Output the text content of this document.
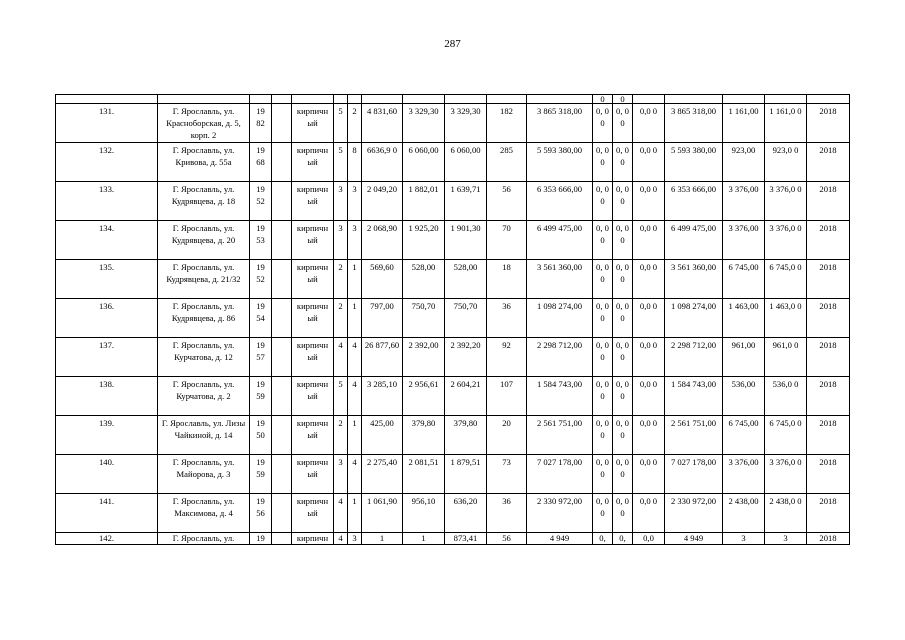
287
												0	0					
131.	Г. Ярославль, ул. Красноборская, д. 5, корп. 2	19 82		кирпичн ый	5	2	4 831,60	3 329,30	3 329,30	182	3 865 318,00	0, 0 0	0, 0 0	0,0 0	3 865 318,00	1 161,00	1 161,0 0	2018
132.	Г. Ярославль, ул. Кривова, д. 55а	19 68		кирпичн ый	5	8	6636,9 0	6 060,00	6 060,00	285	5 593 380,00	0, 0 0	0, 0 0	0,0 0	5 593 380,00	923,00	923,0 0	2018
133.	Г. Ярославль, ул. Кудрявцева, д. 18	19 52		кирпичн ый	3	3	2 049,20	1 882,01	1 639,71	56	6 353 666,00	0, 0 0	0, 0 0	0,0 0	6 353 666,00	3 376,00	3 376,0 0	2018
134.	Г. Ярославль, ул. Кудрявцева, д. 20	19 53		кирпичн ый	3	3	2 068,90	1 925,20	1 901,30	70	6 499 475,00	0, 0 0	0, 0 0	0,0 0	6 499 475,00	3 376,00	3 376,0 0	2018
135.	Г. Ярославль, ул. Кудрявцева, д. 21/32	19 52		кирпичн ый	2	1	569,60	528,00	528,00	18	3 561 360,00	0, 0 0	0, 0 0	0,0 0	3 561 360,00	6 745,00	6 745,0 0	2018
136.	Г. Ярославль, ул. Кудрявцева, д. 86	19 54		кирпичн ый	2	1	797,00	750,70	750,70	36	1 098 274,00	0, 0 0	0, 0 0	0,0 0	1 098 274,00	1 463,00	1 463,0 0	2018
137.	Г. Ярославль, ул. Курчатова, д. 12	19 57		кирпичн ый	4	4	26 877,60	2 392,00	2 392,20	92	2 298 712,00	0, 0 0	0, 0 0	0,0 0	2 298 712,00	961,00	961,0 0	2018
138.	Г. Ярославль, ул. Курчатова, д. 2	19 59		кирпичн ый	5	4	3 285,10	2 956,61	2 604,21	107	1 584 743,00	0, 0 0	0, 0 0	0,0 0	1 584 743,00	536,00	536,0 0	2018
139.	Г. Ярославль, ул. Лизы Чайкиной, д. 14	19 50		кирпичн ый	2	1	425,00	379,80	379,80	20	2 561 751,00	0, 0 0	0, 0 0	0,0 0	2 561 751,00	6 745,00	6 745,0 0	2018
140.	Г. Ярославль, ул. Майорова, д. 3	19 59		кирпичн ый	3	4	2 275,40	2 081,51	1 879,51	73	7 027 178,00	0, 0 0	0, 0 0	0,0 0	7 027 178,00	3 376,00	3 376,0 0	2018
141.	Г. Ярославль, ул. Максимова, д. 4	19 56		кирпичн ый	4	1	1 061,90	956,10	636,20	36	2 330 972,00	0, 0 0	0, 0 0	0,0 0	2 330 972,00	2 438,00	2 438,0 0	2018
142.	Г. Ярославль, ул.	19		кирпичн	4	3	1	1	873,41	56	4 949	0,	0,	0,0	4 949	3	3	2018
